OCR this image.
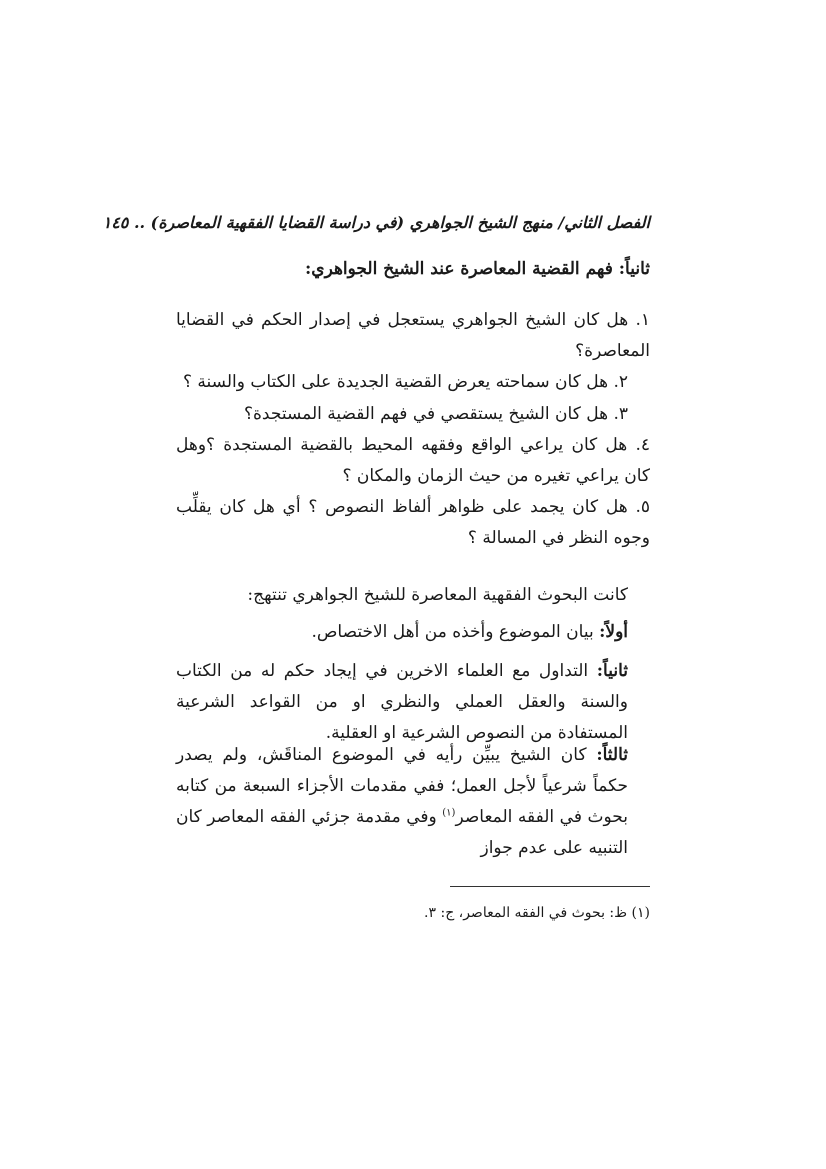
الفصل الثاني/ منهج الشيخ الجواهري (في دراسة القضايا الفقهية المعاصرة) .. ١٤٥
ثانياً: فهم القضية المعاصرة عند الشيخ الجواهري:
١. هل كان الشيخ الجواهري يستعجل في إصدار الحكم في القضايا المعاصرة؟
٢. هل كان سماحته يعرض القضية الجديدة على الكتاب والسنة ؟
٣. هل كان الشيخ يستقصي في فهم القضية المستجدة؟
٤. هل كان يراعي الواقع وفقهه المحيط بالقضية المستجدة ؟وهل كان يراعي تغيره من حيث الزمان والمكان ؟
٥. هل كان يجمد على ظواهر ألفاظ النصوص ؟ أي هل كان يقلِّب وجوه النظر في المسالة ؟
كانت البحوث الفقهية المعاصرة للشيخ الجواهري تنتهج:
أولاً: بيان الموضوع وأخذه من أهل الاختصاص.
ثانياً: التداول مع العلماء الاخرين في إيجاد حكم له من الكتاب والسنة والعقل العملي والنظري او من القواعد الشرعية المستفادة من النصوص الشرعية او العقلية.
ثالثاً: كان الشيخ يبيِّن رأيه في الموضوع المناقَش، ولم يصدر حكماً شرعياً لأجل العمل؛ ففي مقدمات الأجزاء السبعة من كتابه بحوث في الفقه المعاصر$^{(١)}$ وفي مقدمة جزئي الفقه المعاصر كان التنبيه على عدم جواز
(١) ظ: بحوث في الفقه المعاصر، ج: ٣.
